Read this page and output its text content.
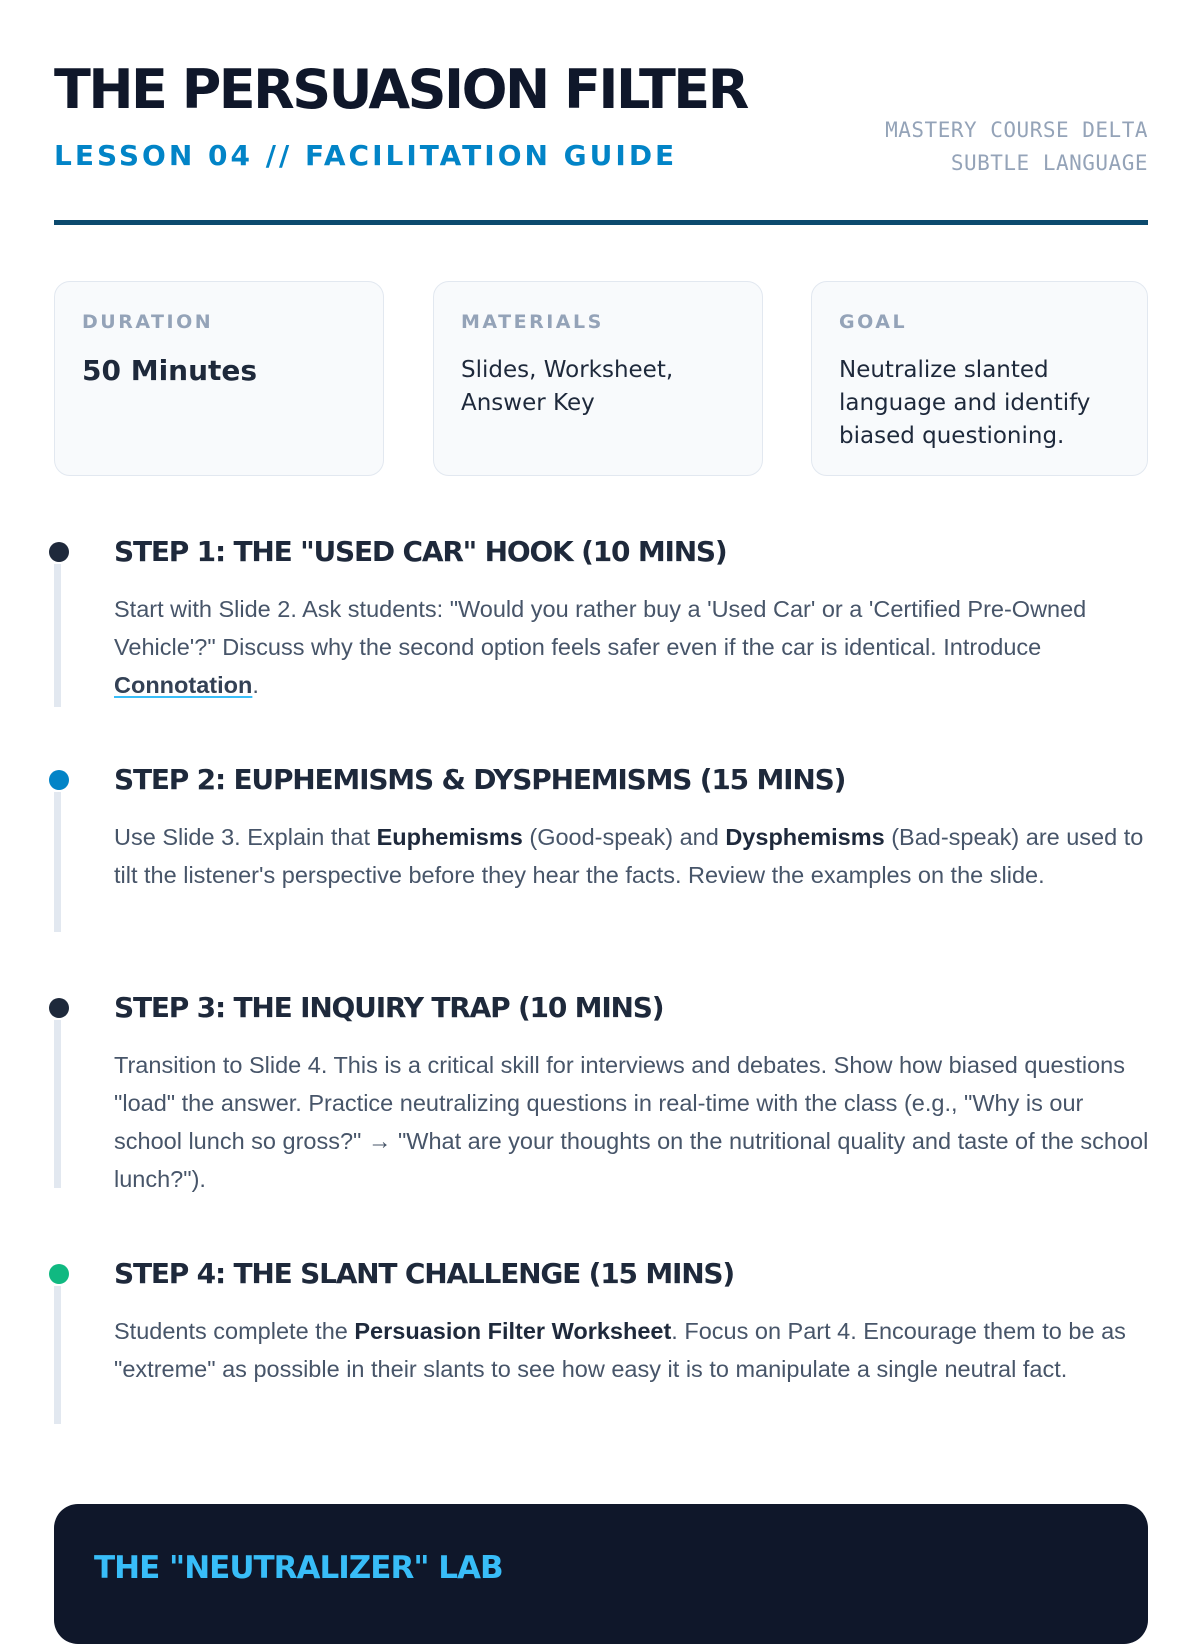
THE PERSUASION FILTER
LESSON 04 // FACILITATION GUIDE
MASTERY COURSE DELTA
SUBTLE LANGUAGE
DURATION
50 Minutes
MATERIALS
Slides, Worksheet,
Answer Key
GOAL
Neutralize slanted
language and identify
biased questioning.
STEP 1: THE "USED CAR" HOOK (10 MINS)

Start with Slide 2. Ask students: "Would you rather buy a 'Used Car' or a 'Certified Pre-Owned Vehicle'?" Discuss why the second option feels safer even if the car is identical. Introduce Connotation.

STEP 2: EUPHEMISMS & DYSPHEMISMS (15 MINS)

Use Slide 3. Explain that Euphemisms (Good-speak) and Dysphemisms (Bad-speak) are used to tilt the listener's perspective before they hear the facts. Review the examples on the slide.

STEP 3: THE INQUIRY TRAP (10 MINS)

Transition to Slide 4. This is a critical skill for interviews and debates. Show how biased questions "load" the answer. Practice neutralizing questions in real-time with the class (e.g., "Why is our school lunch so gross?" → "What are your thoughts on the nutritional quality and taste of the school lunch?").

STEP 4: THE SLANT CHALLENGE (15 MINS)

Students complete the Persuasion Filter Worksheet. Focus on Part 4. Encourage them to be as "extreme" as possible in their slants to see how easy it is to manipulate a single neutral fact.

THE "NEUTRALIZER" LAB
